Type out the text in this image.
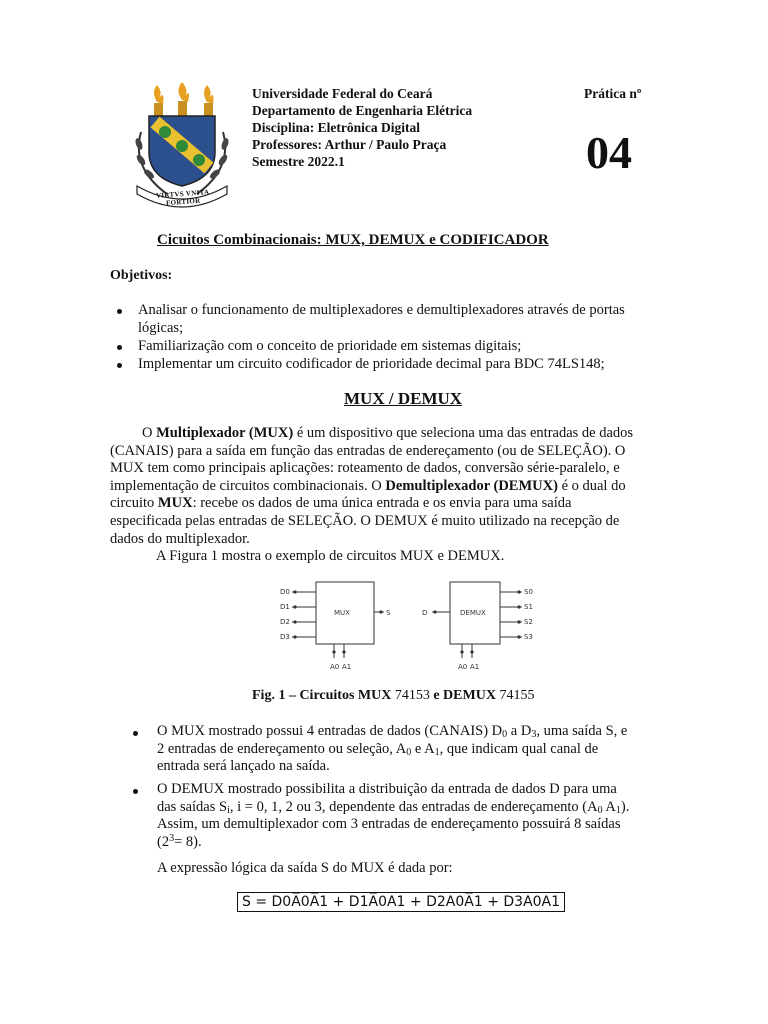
VIRTVS VNITA FORTIOR
Universidade Federal do Ceará
Departamento de Engenharia Elétrica
Disciplina: Eletrônica Digital
Professores: Arthur / Paulo Praça
Semestre 2022.1
Prática nº
04
Cicuitos Combinacionais: MUX, DEMUX e CODIFICADOR
Objetivos:
Analisar o funcionamento de multiplexadores e demultiplexadores através de portas
lógicas;
Familiarização com o conceito de prioridade em sistemas digitais;
Implementar um circuito codificador de prioridade decimal para BDC 74LS148;
MUX / DEMUX
O Multiplexador (MUX) é um dispositivo que seleciona uma das entradas de dados
(CANAIS) para a saída em função das entradas de endereçamento (ou de SELEÇÃO). O
MUX tem como principais aplicações: roteamento de dados, conversão série-paralelo, e
implementação de circuitos combinacionais. O Demultiplexador (DEMUX) é o dual do
circuito MUX: recebe os dados de uma única entrada e os envia para uma saída
especificada pelas entradas de SELEÇÃO. O DEMUX é muito utilizado na recepção de
dados do multiplexador.
A Figura 1 mostra o exemplo de circuitos MUX e DEMUX.
MUX
D0
D1
D2
D3
S
A0 A1
DEMUX
D
S0
S1
S2
S3
A0 A1
Fig. 1 – Circuitos MUX 74153 e DEMUX 74155
O MUX mostrado possui 4 entradas de dados (CANAIS) $D_0$ a $D_3$, uma saída S, e
2 entradas de endereçamento ou seleção, $A_0$ e $A_1$, que indicam qual canal de
entrada será lançado na saída.
O DEMUX mostrado possibilita a distribuição da entrada de dados D para uma
das saídas $S_i$, i = 0, 1, 2 ou 3, dependente das entradas de endereçamento ($A_0$ $A_1$).
Assim, um demultiplexador com 3 entradas de endereçamento possuirá 8 saídas
$(2^3= 8)$.
A expressão lógica da saída S do MUX é dada por:
S = D0A̅0A̅1 + D1A̅0A1 + D2A0A̅1 + D3A0A1
